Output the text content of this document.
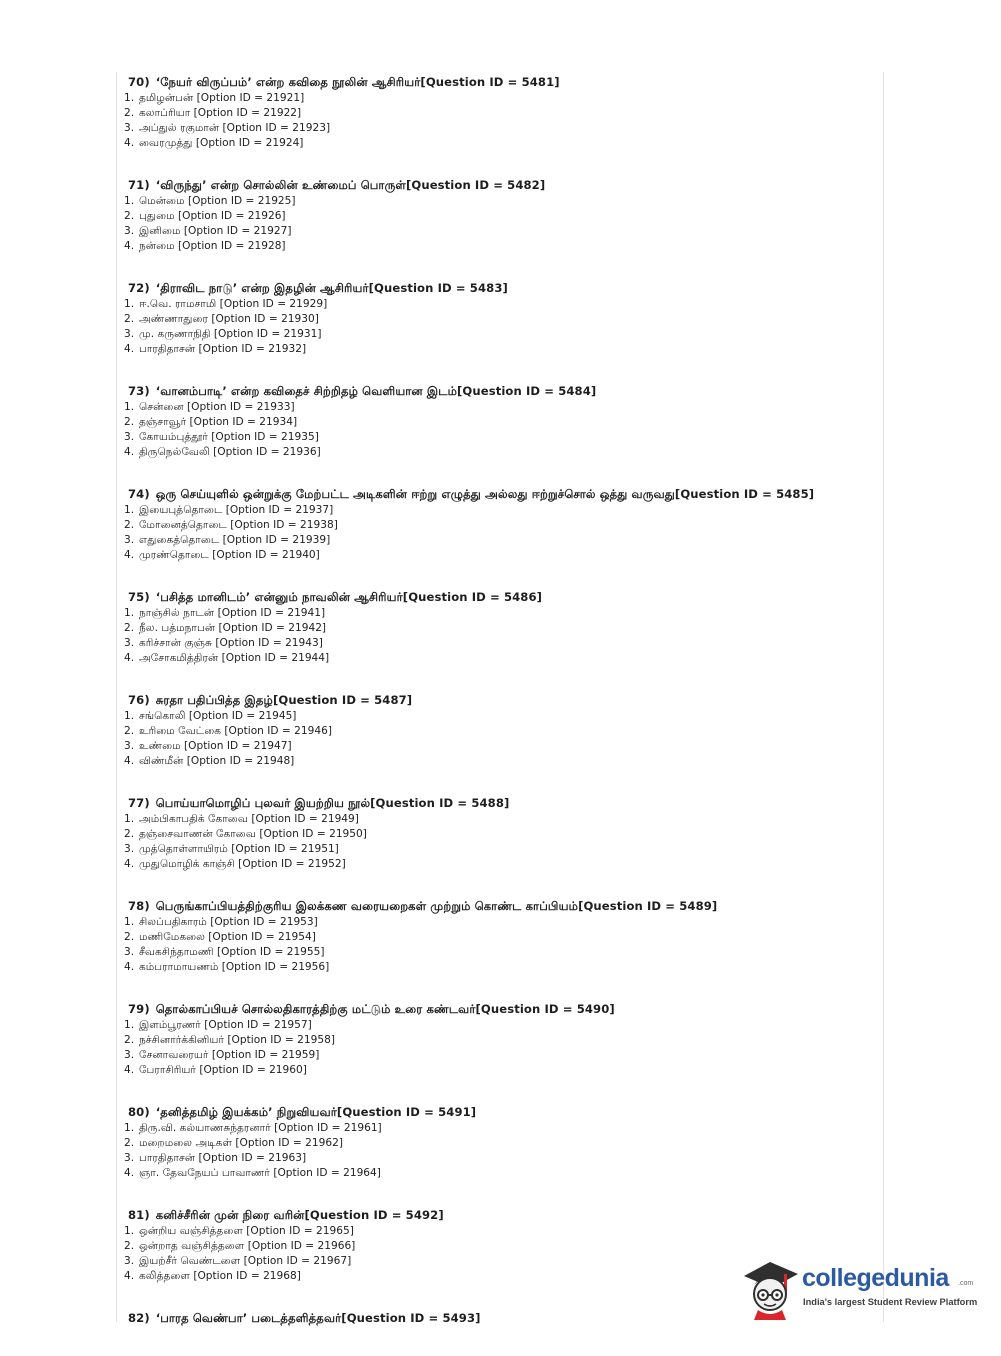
70) ‘நேயர் விருப்பம்’ என்ற கவிதை நூலின் ஆசிரியர்[Question ID = 5481]
1. தமிழன்பன் [Option ID = 21921]
2. கலாப்ரியா [Option ID = 21922]
3. அப்துல் ரகுமான் [Option ID = 21923]
4. வைரமுத்து [Option ID = 21924]
71) ‘விருந்து’ என்ற சொல்லின் உண்மைப் பொருள்[Question ID = 5482]
1. மென்மை [Option ID = 21925]
2. புதுமை [Option ID = 21926]
3. இனிமை [Option ID = 21927]
4. நன்மை [Option ID = 21928]
72) ‘திராவிட நாடு’ என்ற இதழின் ஆசிரியர்[Question ID = 5483]
1. ஈ.வெ. ராமசாமி [Option ID = 21929]
2. அண்ணாதுரை [Option ID = 21930]
3. மு. கருணாநிதி [Option ID = 21931]
4. பாரதிதாசன் [Option ID = 21932]
73) ‘வானம்பாடி’ என்ற கவிதைச் சிற்றிதழ் வெளியான இடம்[Question ID = 5484]
1. சென்னை [Option ID = 21933]
2. தஞ்சாவூர் [Option ID = 21934]
3. கோயம்புத்தூர் [Option ID = 21935]
4. திருநெல்வேலி [Option ID = 21936]
74) ஒரு செய்யுளில் ஒன்றுக்கு மேற்பட்ட அடிகளின் ஈற்று எழுத்து அல்லது ஈற்றுச்சொல் ஒத்து வருவது[Question ID = 5485]
1. இயைபுத்தொடை [Option ID = 21937]
2. மோனைத்தொடை [Option ID = 21938]
3. எதுகைத்தொடை [Option ID = 21939]
4. முரண்தொடை [Option ID = 21940]
75) ‘பசித்த மானிடம்’ என்னும் நாவலின் ஆசிரியர்[Question ID = 5486]
1. நாஞ்சில் நாடன் [Option ID = 21941]
2. நீல. பத்மநாபன் [Option ID = 21942]
3. கரிச்சான் குஞ்சு [Option ID = 21943]
4. அசோகமித்திரன் [Option ID = 21944]
76) சுரதா பதிப்பித்த இதழ்[Question ID = 5487]
1. சங்கொலி [Option ID = 21945]
2. உரிமை வேட்கை [Option ID = 21946]
3. உண்மை [Option ID = 21947]
4. விண்மீன் [Option ID = 21948]
77) பொய்யாமொழிப் புலவர் இயற்றிய நூல்[Question ID = 5488]
1. அம்பிகாபதிக் கோவை [Option ID = 21949]
2. தஞ்சைவாணன் கோவை [Option ID = 21950]
3. முத்தொள்ளாயிரம் [Option ID = 21951]
4. முதுமொழிக் காஞ்சி [Option ID = 21952]
78) பெருங்காப்பியத்திற்குரிய இலக்கண வரையறைகள் முற்றும் கொண்ட காப்பியம்[Question ID = 5489]
1. சிலப்பதிகாரம் [Option ID = 21953]
2. மணிமேகலை [Option ID = 21954]
3. சீவகசிந்தாமணி [Option ID = 21955]
4. கம்பராமாயணம் [Option ID = 21956]
79) தொல்காப்பியச் சொல்லதிகாரத்திற்கு மட்டும் உரை கண்டவர்[Question ID = 5490]
1. இளம்பூரணர் [Option ID = 21957]
2. நச்சினார்க்கினியர் [Option ID = 21958]
3. சேனாவரையர் [Option ID = 21959]
4. பேராசிரியர் [Option ID = 21960]
80) ‘தனித்தமிழ் இயக்கம்’ நிறுவியவர்[Question ID = 5491]
1. திரு.வி. கல்யாணசுந்தரனார் [Option ID = 21961]
2. மறைமலை அடிகள் [Option ID = 21962]
3. பாரதிதாசன் [Option ID = 21963]
4. ஞா. தேவநேயப் பாவாணர் [Option ID = 21964]
81) கனிச்சீரின் முன் நிரை வரின்[Question ID = 5492]
1. ஒன்றிய வஞ்சித்தளை [Option ID = 21965]
2. ஒன்றாத வஞ்சித்தளை [Option ID = 21966]
3. இயற்சீர் வெண்டளை [Option ID = 21967]
4. கலித்தளை [Option ID = 21968]
82) ‘பாரத வெண்பா’ படைத்தளித்தவர்[Question ID = 5493]
collegedunia .com
India's largest Student Review Platform
